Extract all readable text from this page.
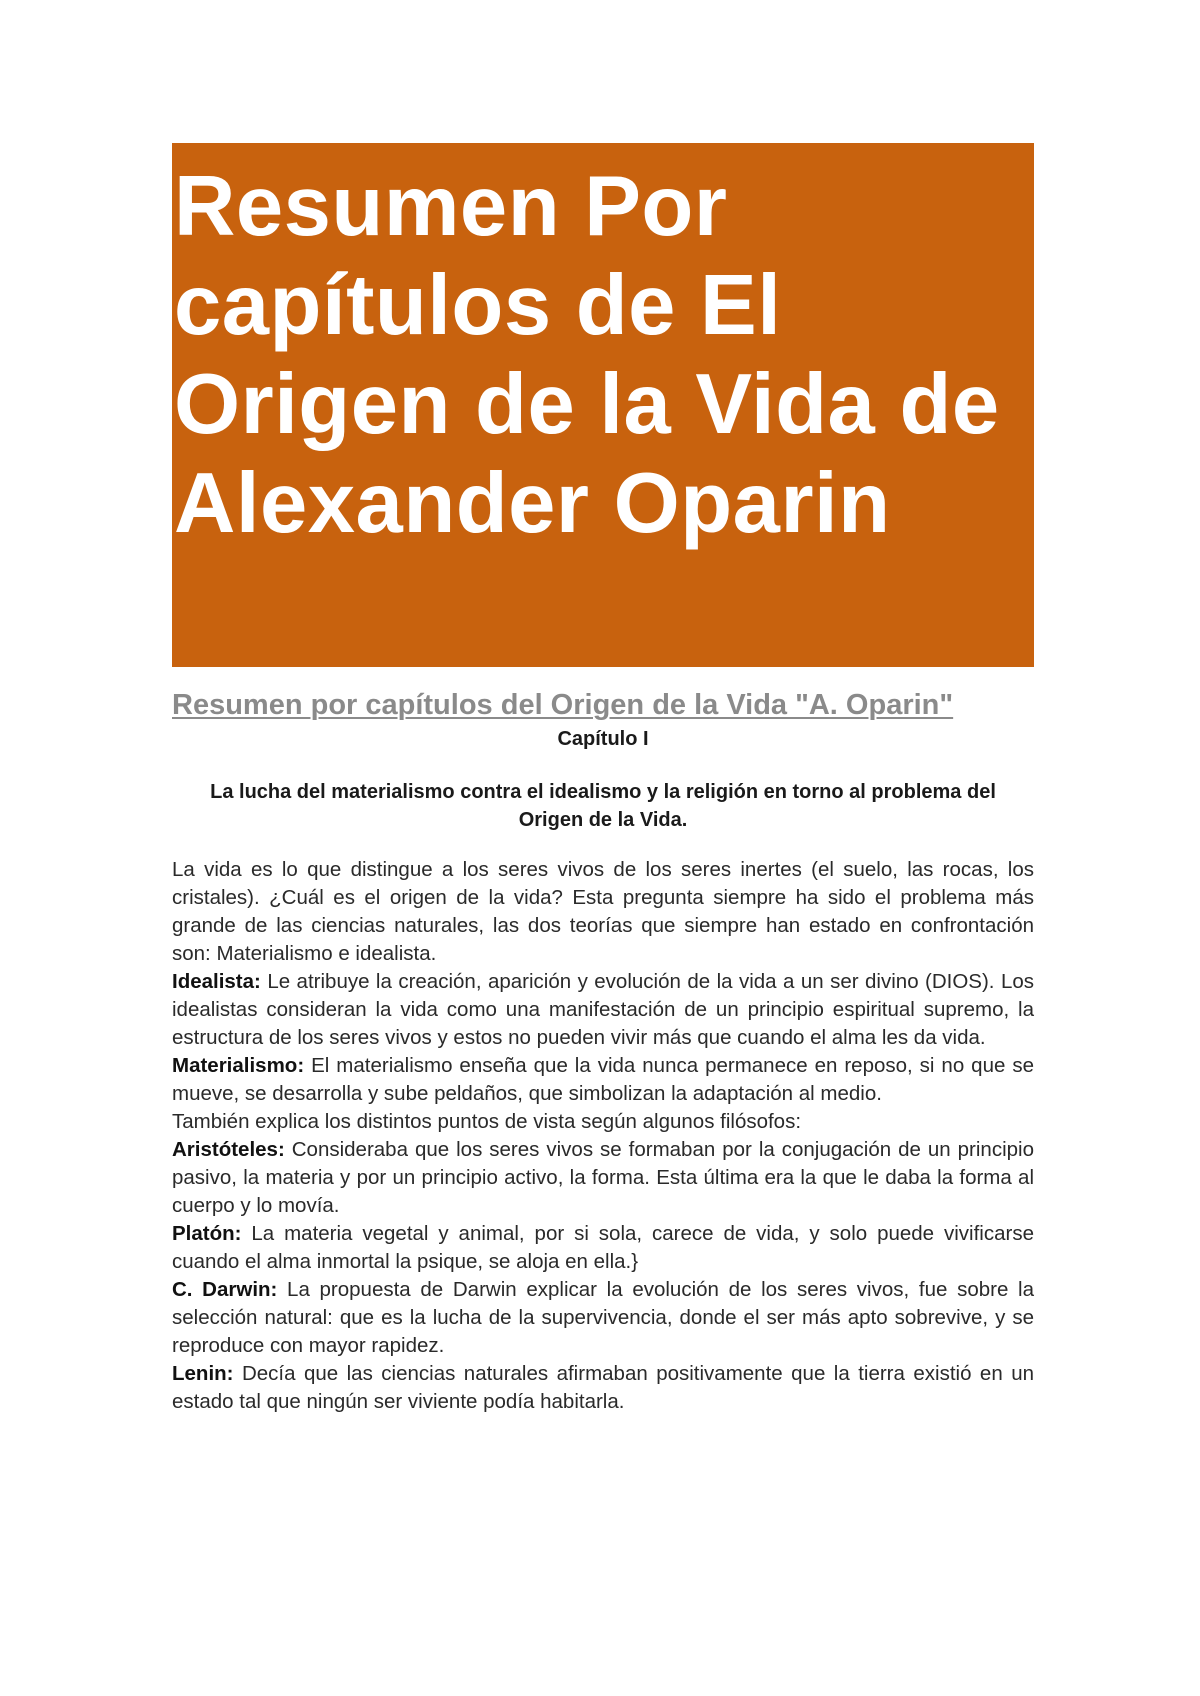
Resumen Por capítulos de El Origen de la Vida de Alexander Oparin
Resumen por capítulos del Origen de la Vida "A. Oparin"
Capítulo I
La lucha del materialismo contra el idealismo y la religión en torno al problema del Origen de la Vida.

La vida es lo que distingue a los seres vivos de los seres inertes (el suelo, las rocas, los cristales). ¿Cuál es el origen de la vida? Esta pregunta siempre ha sido el problema más grande de las ciencias naturales, las dos teorías que siempre han estado en confrontación son: Materialismo e idealista.

Idealista: Le atribuye la creación, aparición y evolución de la vida a un ser divino (DIOS). Los idealistas consideran la vida como una manifestación de un principio espiritual supremo, la estructura de los seres vivos y estos no pueden vivir más que cuando el alma les da vida.

Materialismo: El materialismo enseña que la vida nunca permanece en reposo, si no que se mueve, se desarrolla y sube peldaños, que simbolizan la adaptación al medio.

También explica los distintos puntos de vista según algunos filósofos:

Aristóteles: Consideraba que los seres vivos se formaban por la conjugación de un principio pasivo, la materia y por un principio activo, la forma. Esta última era la que le daba la forma al cuerpo y lo movía.

Platón: La materia vegetal y animal, por si sola, carece de vida, y solo puede vivificarse cuando el alma inmortal la psique, se aloja en ella.}

C. Darwin: La propuesta de Darwin explicar la evolución de los seres vivos, fue sobre la selección natural: que es la lucha de la supervivencia, donde el ser más apto sobrevive, y se reproduce con mayor rapidez.

Lenin: Decía que las ciencias naturales afirmaban positivamente que la tierra existió en un estado tal que ningún ser viviente podía habitarla.
